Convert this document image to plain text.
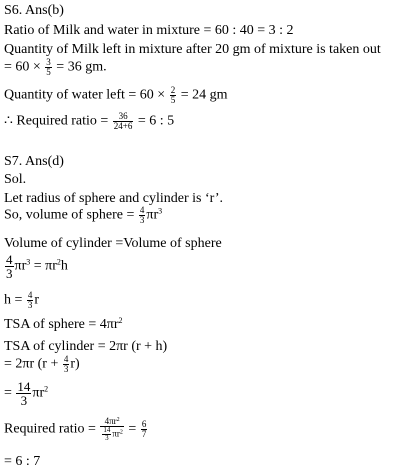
S6. Ans(b)
Ratio of Milk and water in mixture = 60 : 40 = 3 : 2
Quantity of Milk left in mixture after 20 gm of mixture is taken out
= $60 \times \frac{3}{5} = 36$ gm.
Quantity of water left = $60 \times \frac{2}{5} = 24$ gm
∴ Required ratio = $\frac{36}{24+6} = 6$ : 5
S7. Ans(d)
Sol.
Let radius of sphere and cylinder is ‘r’.
So, volume of sphere = $\frac{4}{3} \pi r^3$
Volume of cylinder =Volume of sphere
$\frac{4}{3} \pi r^3 = \pi r^2h$
$h = \frac{4}{3}$ r
TSA of sphere = $4\pi r^2$
TSA of cylinder = 2πr (r + h)
= 2πr $(r + \frac{4}{3} r)$
= $\frac{14}{3} \pi r^2$
Required ratio = $\frac{4\pi r^2}{\frac{14}{3} \pi r^2} = \frac{6}{7}$
= 6 : 7
